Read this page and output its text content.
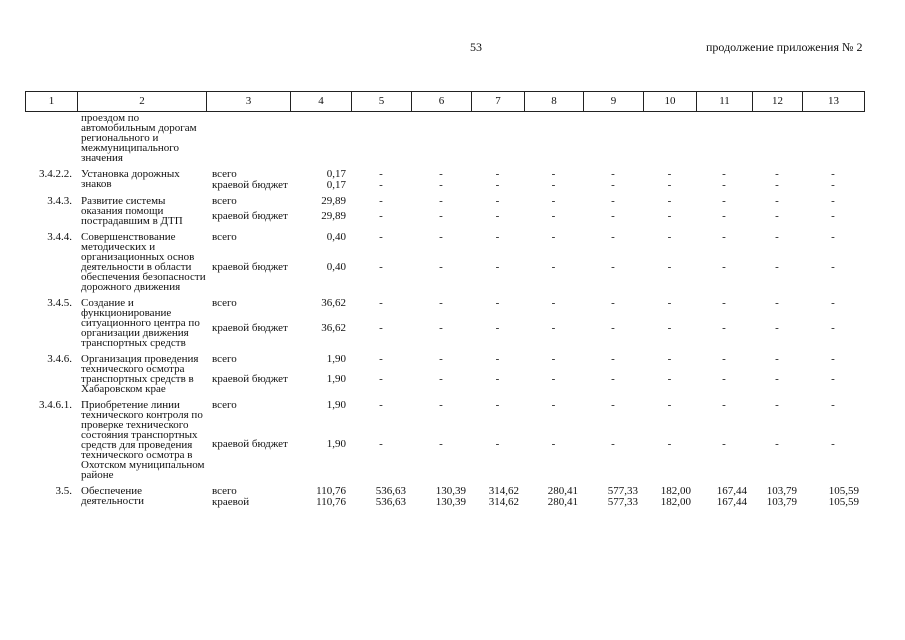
53	продолжение приложения № 2
1	2	3	4	5	6	7	8	9	10	11	12	13
	проездом по автомобильным дорогам регионального и межмуниципального значения											

3.4.2.2.	Установка дорожных знаков	всего	0,17	-	-	-	-	-	-	-	-	-
		краевой бюджет	0,17	-	-	-	-	-	-	-	-	-

3.4.3.	Развитие системы оказания помощи пострадавшим в ДТП	всего	29,89	-	-	-	-	-	-	-	-	-
		краевой бюджет	29,89	-	-	-	-	-	-	-	-	-

3.4.4.	Совершенствование методических и организационных основ деятельности в области обеспечения безопасности дорожного движения	всего	0,40	-	-	-	-	-	-	-	-	-
		краевой бюджет	0,40	-	-	-	-	-	-	-	-	-

3.4.5.	Создание и функционирование ситуационного центра по организации движения транспортных средств	всего	36,62	-	-	-	-	-	-	-	-	-
		краевой бюджет	36,62	-	-	-	-	-	-	-	-	-

3.4.6.	Организация проведения технического осмотра транспортных средств в Хабаровском крае	всего	1,90	-	-	-	-	-	-	-	-	-
		краевой бюджет	1,90	-	-	-	-	-	-	-	-	-

3.4.6.1.	Приобретение линии технического контроля по проверке технического состояния транспортных средств для проведения технического осмотра в Охотском муниципальном районе	всего	1,90	-	-	-	-	-	-	-	-	-
		краевой бюджет	1,90	-	-	-	-	-	-	-	-	-

3.5.	Обеспечение деятельности	всего	110,76	536,63	130,39	314,62	280,41	577,33	182,00	167,44	103,79	105,59
		краевой	110,76	536,63	130,39	314,62	280,41	577,33	182,00	167,44	103,79	105,59
